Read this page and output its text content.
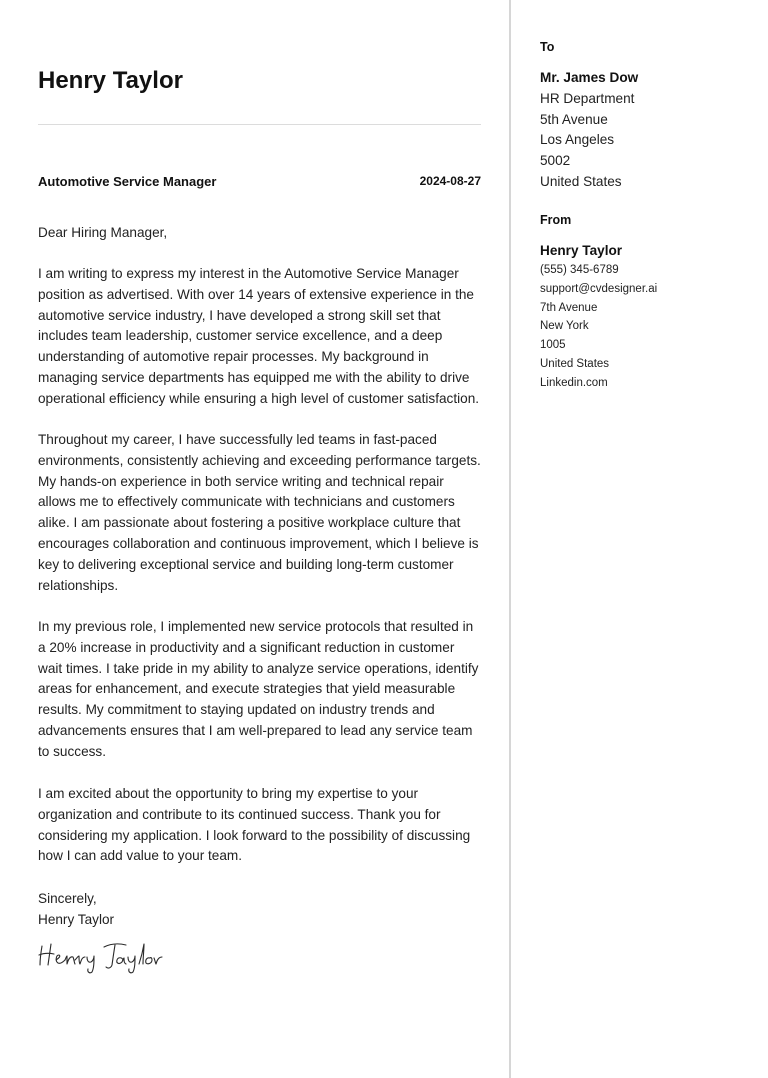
Henry Taylor
Automotive Service Manager	2024-08-27
Dear Hiring Manager,

I am writing to express my interest in the Automotive Service Manager position as advertised. With over 14 years of extensive experience in the automotive service industry, I have developed a strong skill set that includes team leadership, customer service excellence, and a deep understanding of automotive repair processes. My background in managing service departments has equipped me with the ability to drive operational efficiency while ensuring a high level of customer satisfaction.

Throughout my career, I have successfully led teams in fast-paced environments, consistently achieving and exceeding performance targets. My hands-on experience in both service writing and technical repair allows me to effectively communicate with technicians and customers alike. I am passionate about fostering a positive workplace culture that encourages collaboration and continuous improvement, which I believe is key to delivering exceptional service and building long-term customer relationships.

In my previous role, I implemented new service protocols that resulted in a 20% increase in productivity and a significant reduction in customer wait times. I take pride in my ability to analyze service operations, identify areas for enhancement, and execute strategies that yield measurable results. My commitment to staying updated on industry trends and advancements ensures that I am well-prepared to lead any service team to success.

I am excited about the opportunity to bring my expertise to your organization and contribute to its continued success. Thank you for considering my application. I look forward to the possibility of discussing how I can add value to your team.

Sincerely,
Henry Taylor
To
Mr. James Dow
HR Department
5th Avenue
Los Angeles
5002
United States
From
Henry Taylor
(555) 345-6789
support@cvdesigner.ai
7th Avenue
New York
1005
United States
Linkedin.com
